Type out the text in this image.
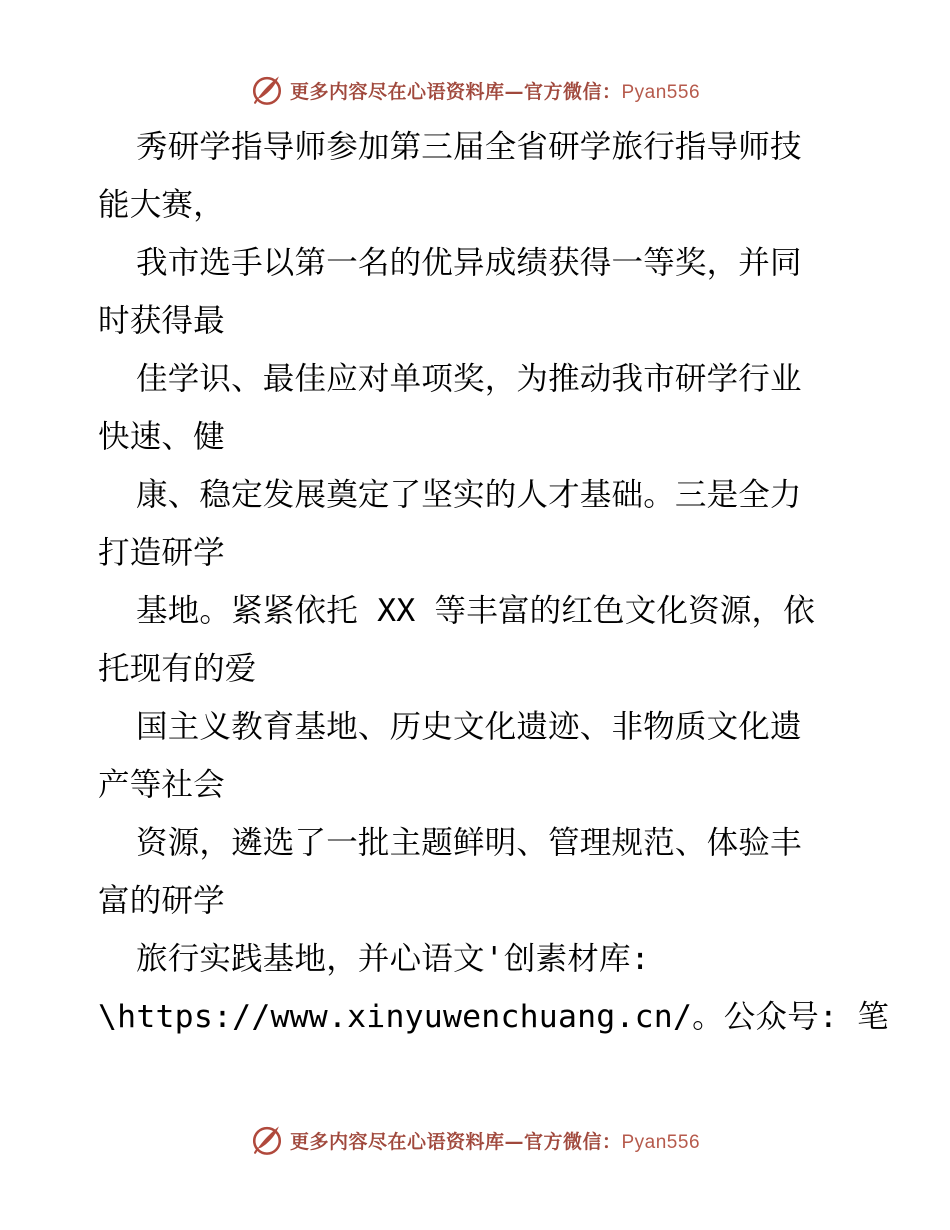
更多内容尽在心语资料库—官方微信：Pyan556
秀研学指导师参加第三届全省研学旅行指导师技
能大赛，
我市选手以第一名的优异成绩获得一等奖，并同
时获得最
佳学识、最佳应对单项奖，为推动我市研学行业
快速、健
康、稳定发展奠定了坚实的人才基础。三是全力
打造研学
基地。紧紧依托 XX 等丰富的红色文化资源，依
托现有的爱
国主义教育基地、历史文化遗迹、非物质文化遗
产等社会
资源，遴选了一批主题鲜明、管理规范、体验丰
富的研学
旅行实践基地，并心语文'创素材库:
\https://www.xinyuwenchuang.cn/。公众号: 笔
更多内容尽在心语资料库—官方微信：Pyan556
